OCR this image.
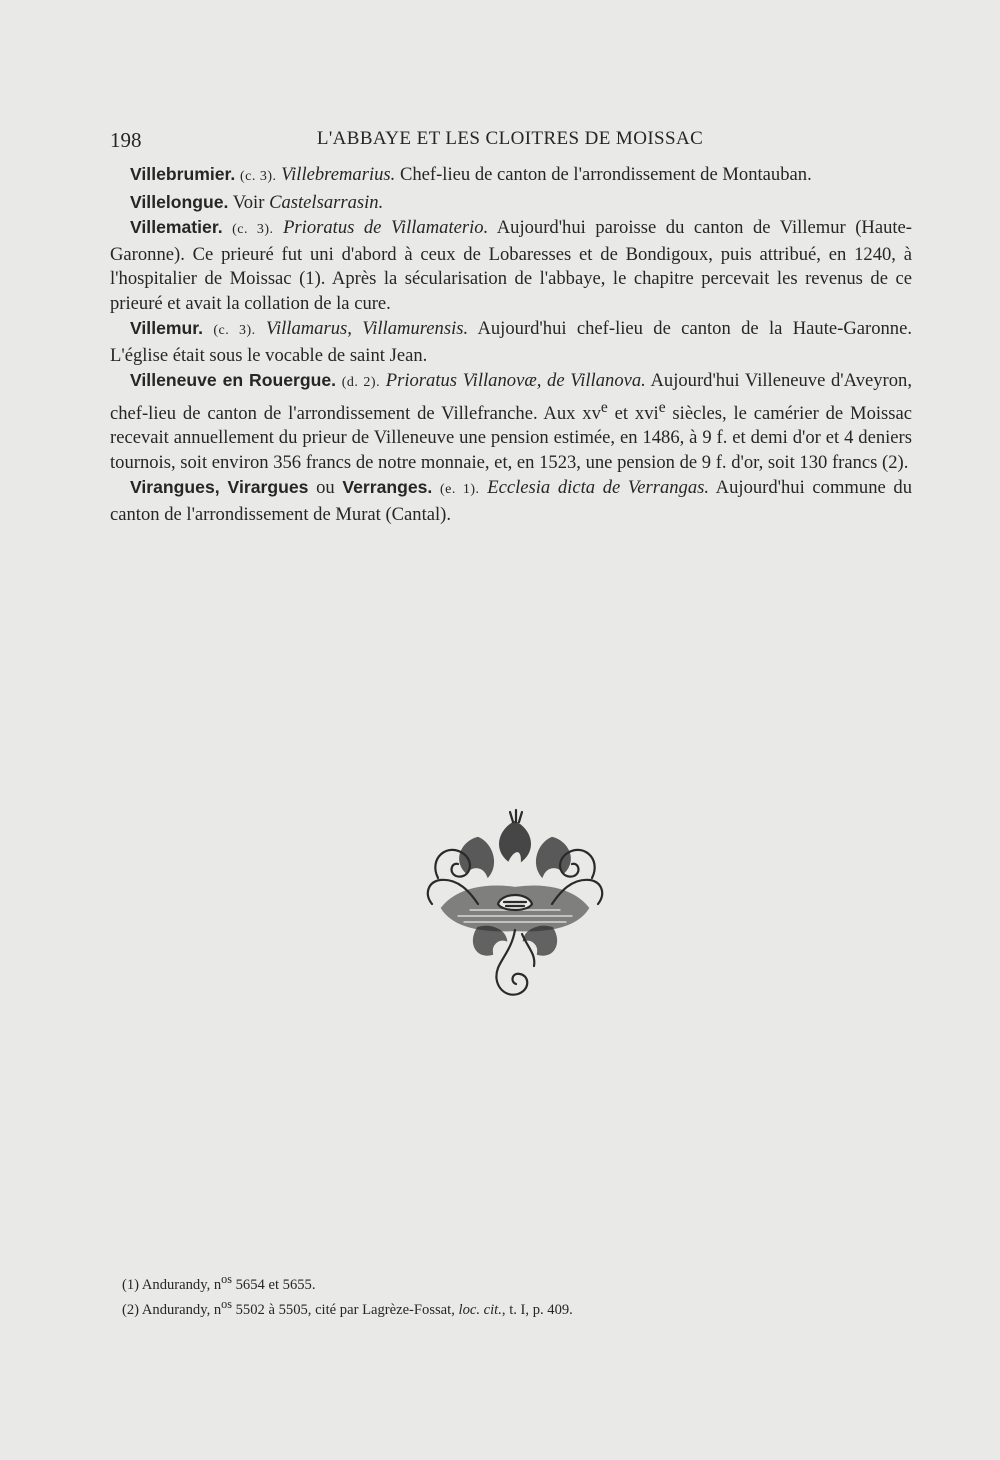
198	L'ABBAYE ET LES CLOITRES DE MOISSAC

Villebrumier. (c. 3). Villebremarius. Chef-lieu de canton de l'arrondissement de Montauban.

Villelongue. Voir Castelsarrasin.

Villematier. (c. 3). Prioratus de Villamaterio. Aujourd'hui paroisse du canton de Villemur (Haute-Garonne). Ce prieuré fut uni d'abord à ceux de Lobaresses et de Bondigoux, puis attribué, en 1240, à l'hospitalier de Moissac (1). Après la sécularisation de l'abbaye, le chapitre percevait les revenus de ce prieuré et avait la collation de la cure.

Villemur. (c. 3). Villamarus, Villamurensis. Aujourd'hui chef-lieu de canton de la Haute-Garonne. L'église était sous le vocable de saint Jean.

Villeneuve en Rouergue. (d. 2). Prioratus Villanovæ, de Villanova. Aujourd'hui Villeneuve d'Aveyron, chef-lieu de canton de l'arrondissement de Villefranche. Aux $xv^e$ et xvi$^e$ siècles, le camérier de Moissac recevait annuellement du prieur de Villeneuve une pension estimée, en 1486, à 9 f. et demi d'or et 4 deniers tournois, soit environ 356 francs de notre monnaie, et, en 1523, une pension de 9 f. d'or, soit 130 francs (2).

Virangues, Virargues ou Verranges. (e. 1). Ecclesia dicta de Verrangas. Aujourd'hui commune du canton de l'arrondissement de Murat (Cantal).

(1) Andurandy, $n^{os}$ 5654 et 5655.

(2) Andurandy, $n^{os}$ 5502 à 5505, cité par Lagrèze-Fossat, loc. cit., t. I, p. 409.
